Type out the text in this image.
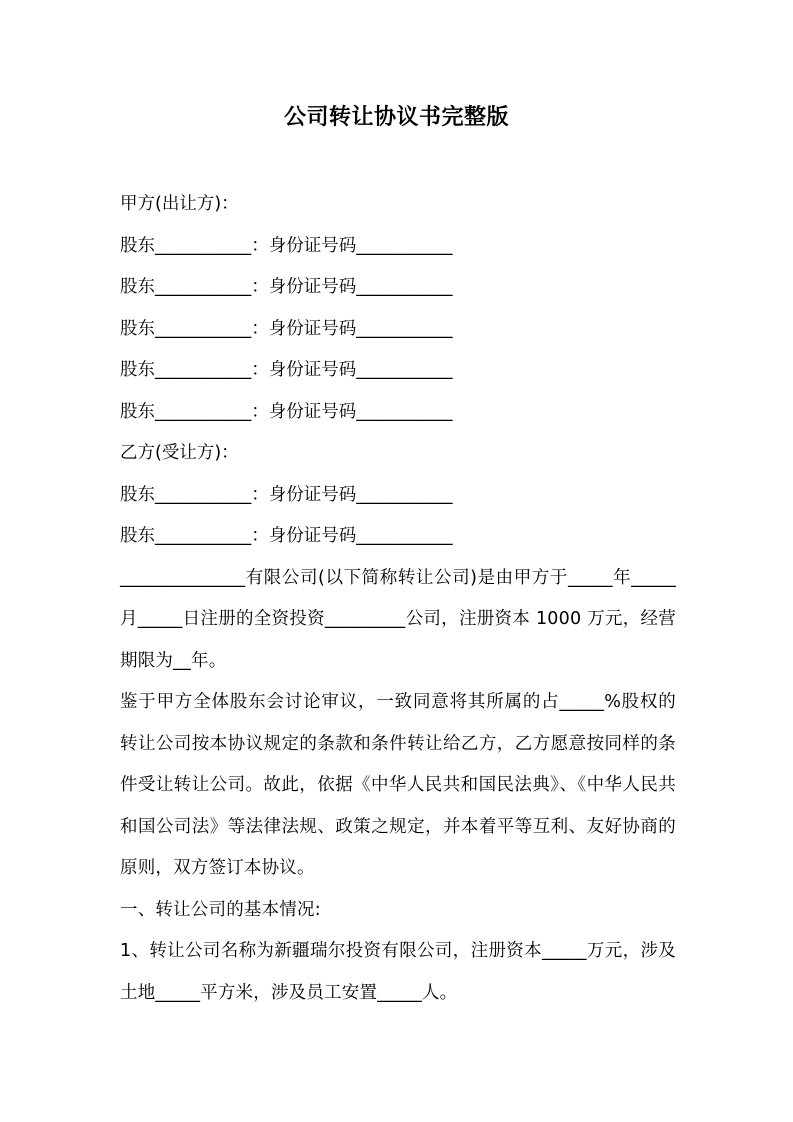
公司转让协议书完整版

甲方(出让方)：

股东___________：身份证号码___________

股东___________：身份证号码___________

股东___________：身份证号码___________

股东___________：身份证号码___________

股东___________：身份证号码___________

乙方(受让方)：

股东___________：身份证号码___________

股东___________：身份证号码___________

______________有限公司(以下简称转让公司)是由甲方于_____年_____月_____日注册的全资投资_________公司，注册资本 1000 万元，经营期限为__年。

鉴于甲方全体股东会讨论审议，一致同意将其所属的占_____%股权的转让公司按本协议规定的条款和条件转让给乙方，乙方愿意按同样的条件受让转让公司。故此，依据《中华人民共和国民法典》、《中华人民共和国公司法》等法律法规、政策之规定，并本着平等互利、友好协商的原则，双方签订本协议。

一、转让公司的基本情况:

1、转让公司名称为新疆瑞尔投资有限公司，注册资本_____万元，涉及土地_____平方米，涉及员工安置_____人。
